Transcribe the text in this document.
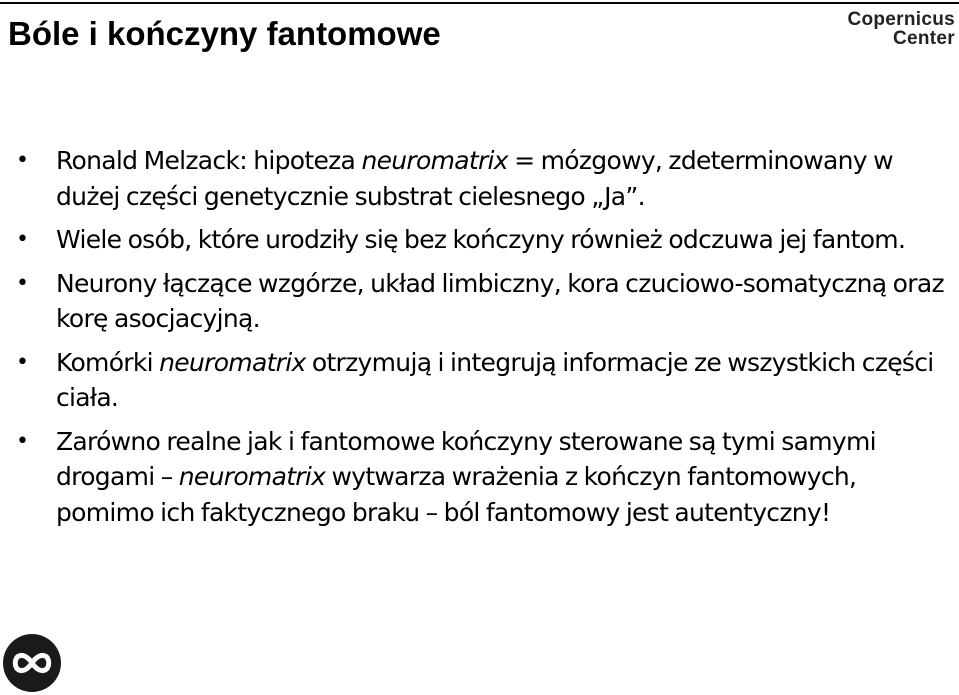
Bóle i kończyny fantomowe	Copernicus
Center
•	Ronald Melzack: hipoteza neuromatrix = mózgowy, zdeterminowany w dużej części genetycznie substrat cielesnego „Ja”.
•	Wiele osób, które urodziły się bez kończyny również odczuwa jej fantom.
•	Neurony łączące wzgórze, układ limbiczny, kora czuciowo-somatyczną oraz korę asocjacyjną.
•	Komórki neuromatrix otrzymują i integrują informacje ze wszystkich części ciała.
•	Zarówno realne jak i fantomowe kończyny sterowane są tymi samymi drogami – neuromatrix wytwarza wrażenia z kończyn fantomowych, pomimo ich faktycznego braku – ból fantomowy jest autentyczny!
